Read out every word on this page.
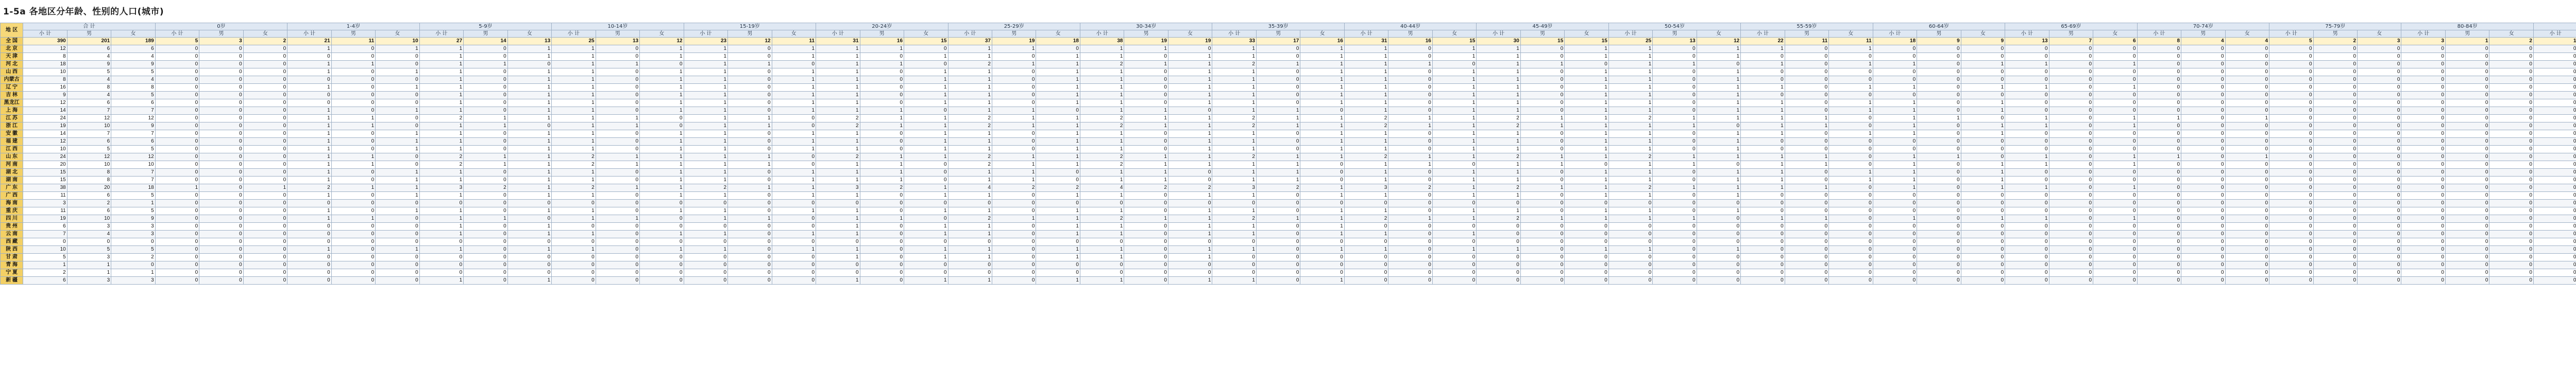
1-5a 各地区分年龄、性别的人口(城市)
地 区	合 计	0岁	1-4岁	5-9岁	10-14岁	15-19岁	20-24岁	25-29岁	30-34岁	35-39岁	40-44岁	45-49岁	50-54岁	55-59岁	60-64岁	65-69岁	70-74岁	75-79岁	80-84岁				
小 计	男	女	小 计	男	女	小 计	男	女	小 计	男	女	小 计	男	女	小 计	男	女	小 计	男	女	小 计	男	女	小 计	男	女	小 计	男	女	小 计	男	女	小 计	男	女	小 计	男	女	小 计	男	女	小 计	男	女	小 计	男	女	小 计	男	女	小 计	男	女	小 计	男	女	小 计											
全 国	390	201	189	5	3	2	21	11	10	27	14	13	25	13	12	23	12	11	31	16	15	37	19	18	38	19	19	33	17	16	31	16	15	30	15	15	25	13	12	22	11	11	18	9	9	13	7	6	8	4	4	5	2	3	3	1	2	1											
北 京	12	6	6	0	0	0	1	0	1	1	0	1	1	0	1	1	0	1	1	1	0	1	1	0	1	1	0	1	0	1	1	0	1	1	0	1	1	0	1	1	0	1	0	0	0	0	0	0	0	0	0	0	0	0	0	0	0	0											
天 津	8	4	4	0	0	0	0	0	0	1	0	1	1	0	1	1	0	1	1	0	1	1	0	1	1	0	1	1	0	1	1	0	1	1	0	1	1	0	1	0	0	0	0	0	0	0	0	0	0	0	0	0	0	0	0	0	0	0											
河 北	18	9	9	0	0	0	1	1	0	1	1	0	1	1	0	1	1	0	1	1	0	2	1	1	2	1	1	2	1	1	1	1	0	1	1	0	1	1	0	1	0	1	1	0	1	1	0	1	0	0	0	0	0	0	0	0	0	0											
山 西	10	5	5	0	0	0	1	0	1	1	0	1	1	0	1	1	0	1	1	0	1	1	0	1	1	0	1	1	0	1	1	0	1	1	0	1	1	0	1	0	0	0	0	0	0	0	0	0	0	0	0	0	0	0	0	0	0	0											
内蒙古	8	4	4	0	0	0	0	0	0	1	0	1	1	0	1	1	0	1	1	0	1	1	0	1	1	0	1	1	0	1	1	0	1	1	0	1	1	0	1	0	0	0	0	0	0	0	0	0	0	0	0	0	0	0	0	0	0	0											
辽 宁	16	8	8	0	0	0	1	0	1	1	0	1	1	0	1	1	0	1	1	0	1	1	0	1	1	0	1	1	0	1	1	0	1	1	0	1	1	0	1	1	0	1	1	0	1	1	0	1	0	0	0	0	0	0	0	0	0	0											
吉 林	9	4	5	0	0	0	0	0	0	1	0	1	1	0	1	1	0	1	1	0	1	1	0	1	1	0	1	1	0	1	1	0	1	1	0	1	1	0	1	0	0	0	0	0	0	0	0	0	0	0	0	0	0	0	0	0	0	0											
黑龙江	12	6	6	0	0	0	0	0	0	1	0	1	1	0	1	1	0	1	1	0	1	1	0	1	1	0	1	1	0	1	1	0	1	1	0	1	1	0	1	1	0	1	1	0	1	0	0	0	0	0	0	0	0	0	0	0	0	0											
上 海	14	7	7	0	0	0	1	0	1	1	0	1	1	0	1	1	0	1	1	1	0	1	1	0	1	1	0	1	1	0	1	0	1	1	0	1	1	0	1	1	0	1	1	0	1	0	0	0	0	0	0	0	0	0	0	0	0	0											
江 苏	24	12	12	0	0	0	1	1	0	2	1	1	1	1	0	1	1	0	2	1	1	2	1	1	2	1	1	2	1	1	2	1	1	2	1	1	2	1	1	1	1	0	1	1	0	1	0	1	1	0	1	0	0	0	0	0	0	0											
浙 江	19	10	9	0	0	0	1	1	0	1	1	0	1	1	0	1	1	0	2	1	1	2	1	1	2	1	1	2	1	1	2	1	1	2	1	1	1	1	0	1	1	0	1	0	1	1	0	1	0	0	0	0	0	0	0	0	0	0											
安 徽	14	7	7	0	0	0	1	0	1	1	0	1	1	0	1	1	0	1	1	0	1	1	0	1	1	0	1	1	0	1	1	0	1	1	0	1	1	0	1	1	0	1	1	0	1	0	0	0	0	0	0	0	0	0	0	0	0	0											
福 建	12	6	6	0	0	0	1	0	1	1	0	1	1	0	1	1	0	1	1	0	1	1	0	1	1	0	1	1	0	1	1	0	1	1	0	1	1	0	1	0	0	0	0	0	0	0	0	0	0	0	0	0	0	0	0	0	0	0											
江 西	10	5	5	0	0	0	1	0	1	1	0	1	1	0	1	1	0	1	1	0	1	1	0	1	1	0	1	1	0	1	1	0	1	1	0	1	1	0	1	0	0	0	0	0	0	0	0	0	0	0	0	0	0	0	0	0	0	0											
山 东	24	12	12	0	0	0	1	1	0	2	1	1	2	1	1	1	1	0	2	1	1	2	1	1	2	1	1	2	1	1	2	1	1	2	1	1	2	1	1	1	1	0	1	1	0	1	0	1	1	0	1	0	0	0	0	0	0	0											
河 南	20	10	10	0	0	0	1	1	0	2	1	1	2	1	1	1	1	0	1	1	0	2	1	1	2	1	1	1	1	0	1	1	0	1	1	0	1	1	0	1	1	0	1	0	1	1	0	1	0	0	0	0	0	0	0	0	0	0											
湖 北	15	8	7	0	0	0	1	0	1	1	0	1	1	0	1	1	0	1	1	1	0	1	1	0	1	1	0	1	1	0	1	0	1	1	0	1	1	0	1	1	0	1	1	0	1	0	0	0	0	0	0	0	0	0	0	0	0	0											
湖 南	15	8	7	0	0	0	1	0	1	1	0	1	1	0	1	1	0	1	1	1	0	1	1	0	1	1	0	1	1	0	1	0	1	1	0	1	1	0	1	1	0	1	1	0	1	0	0	0	0	0	0	0	0	0	0	0	0	0											
广 东	38	20	18	1	0	1	2	1	1	3	2	1	2	1	1	2	1	1	3	2	1	4	2	2	4	2	2	3	2	1	3	2	1	2	1	1	2	1	1	1	1	0	1	0	1	1	0	1	0	0	0	0	0	0	0	0	0	0											
广 西	11	6	5	0	0	0	1	0	1	1	0	1	1	0	1	1	0	1	1	0	1	1	0	1	1	0	1	1	0	1	1	0	1	1	0	1	1	0	1	0	0	0	0	0	0	0	0	0	0	0	0	0	0	0	0	0	0	0											
海 南	3	2	1	0	0	0	0	0	0	0	0	0	0	0	0	0	0	0	0	0	0	0	0	0	0	0	0	0	0	0	0	0	0	0	0	0	0	0	0	0	0	0	0	0	0	0	0	0	0	0	0	0	0	0	0	0	0	0											
重 庆	11	6	5	0	0	0	1	0	1	1	0	1	1	0	1	1	0	1	1	0	1	1	0	1	1	0	1	1	0	1	1	0	1	1	0	1	1	0	1	0	0	0	0	0	0	0	0	0	0	0	0	0	0	0	0	0	0	0											
四 川	19	10	9	0	0	0	1	1	0	1	1	0	1	1	0	1	1	0	1	1	0	2	1	1	2	1	1	2	1	1	2	1	1	2	1	1	1	1	0	1	1	0	1	0	1	1	0	1	0	0	0	0	0	0	0	0	0	0											
贵 州	6	3	3	0	0	0	0	0	0	1	0	1	0	0	0	0	0	0	1	0	1	1	0	1	1	0	1	1	0	1	0	0	0	0	0	0	0	0	0	0	0	0	0	0	0	0	0	0	0	0	0	0	0	0	0	0	0	0											
云 南	7	4	3	0	0	0	0	0	0	1	0	1	1	0	1	1	0	1	1	0	1	1	0	1	1	0	1	1	0	1	1	0	1	0	0	0	0	0	0	0	0	0	0	0	0	0	0	0	0	0	0	0	0	0	0	0	0	0											
西 藏	0	0	0	0	0	0	0	0	0	0	0	0	0	0	0	0	0	0	0	0	0	0	0	0	0	0	0	0	0	0	0	0	0	0	0	0	0	0	0	0	0	0	0	0	0	0	0	0	0	0	0	0	0	0	0	0	0	0											
陕 西	10	5	5	0	0	0	1	0	1	1	0	1	1	0	1	1	0	1	1	0	1	1	0	1	1	0	1	1	0	1	1	0	1	1	0	1	1	0	1	0	0	0	0	0	0	0	0	0	0	0	0	0	0	0	0	0	0	0											
甘 肃	5	3	2	0	0	0	0	0	0	0	0	0	0	0	0	0	0	0	1	0	1	1	0	1	1	0	1	0	0	0	0	0	0	0	0	0	0	0	0	0	0	0	0	0	0	0	0	0	0	0	0	0	0	0	0	0	0	0											
青 海	1	1	0	0	0	0	0	0	0	0	0	0	0	0	0	0	0	0	0	0	0	0	0	0	0	0	0	0	0	0	0	0	0	0	0	0	0	0	0	0	0	0	0	0	0	0	0	0	0	0	0	0	0	0	0	0	0	0											
宁 夏	2	1	1	0	0	0	0	0	0	0	0	0	0	0	0	0	0	0	0	0	0	0	0	0	0	0	0	0	0	0	0	0	0	0	0	0	0	0	0	0	0	0	0	0	0	0	0	0	0	0	0	0	0	0	0	0	0	0											
新 疆	6	3	3	0	0	0	0	0	0	1	0	1	0	0	0	0	0	0	1	0	1	1	0	1	1	0	1	1	0	1	0	0	0	0	0	0	0	0	0	0	0	0	0	0	0	0	0	0	0	0	0	0	0	0	0	0	0	0											
